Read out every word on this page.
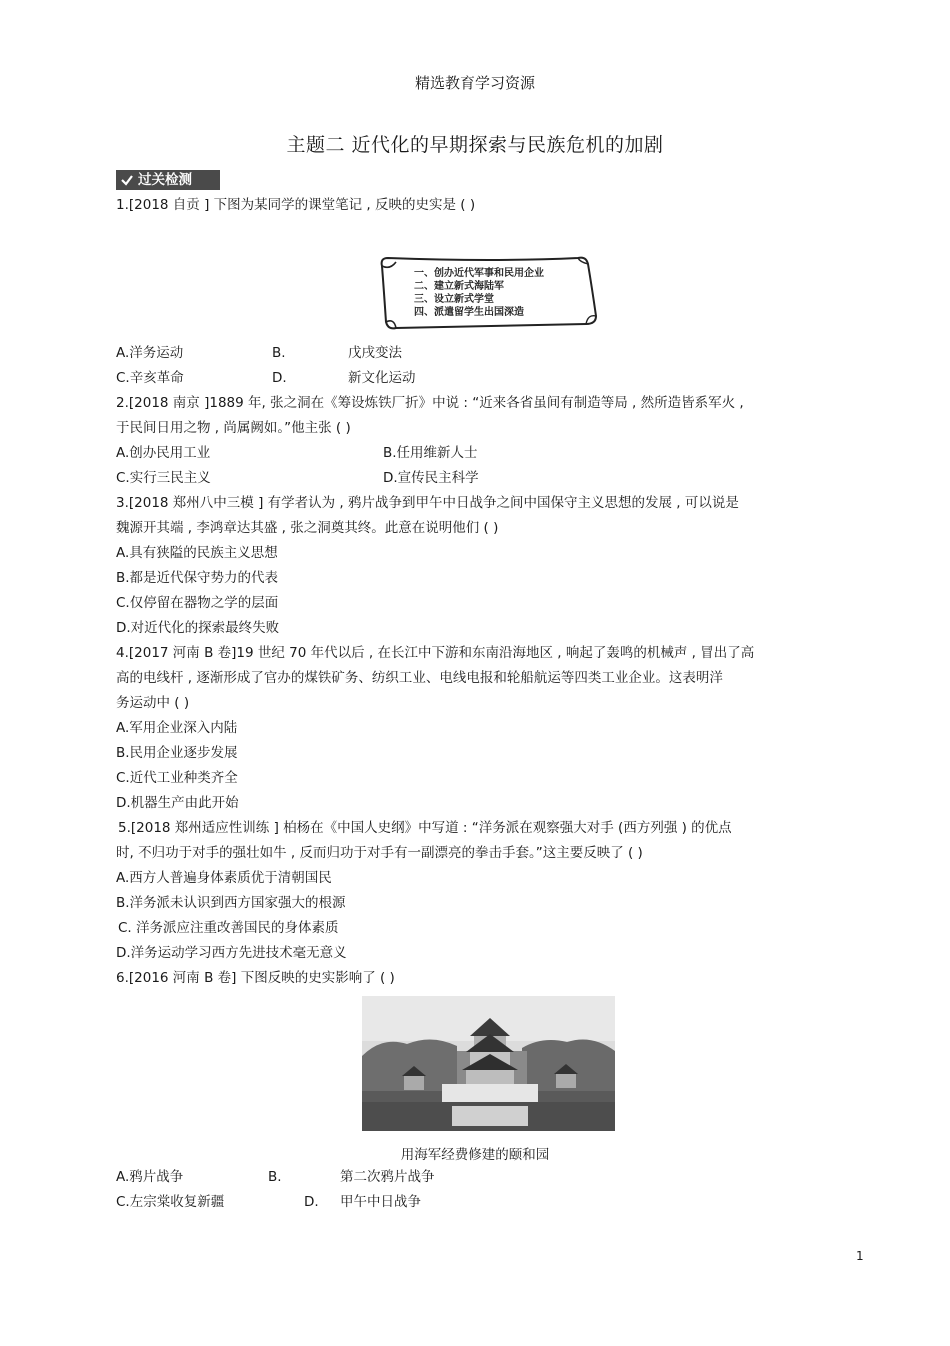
精选教育学习资源
主题二 近代化的早期探索与民族危机的加剧
过关检测
1.[2018 自贡 ] 下图为某同学的课堂笔记 , 反映的史实是 ( )
A.洋务运动	B.	戊戌变法
C.辛亥革命	D.	新文化运动
2.[2018 南京 ]1889 年, 张之洞在《筹设炼铁厂折》中说 : “近来各省虽间有制造等局 , 然所造皆系军火 ,
于民间日用之物 , 尚属阙如。”他主张 ( )
A.创办民用工业	B.任用维新人士
C.实行三民主义	D.宣传民主科学
3.[2018 郑州八中三模 ] 有学者认为 , 鸦片战争到甲午中日战争之间中国保守主义思想的发展 , 可以说是
魏源开其端 , 李鸿章达其盛 , 张之洞奠其终。此意在说明他们 ( )
A.具有狭隘的民族主义思想
B.都是近代保守势力的代表
C.仅停留在器物之学的层面
D.对近代化的探索最终失败
4.[2017 河南 B 卷]19 世纪 70 年代以后 , 在长江中下游和东南沿海地区 , 响起了轰鸣的机械声 , 冒出了高
高的电线杆 , 逐渐形成了官办的煤铁矿务、纺织工业、电线电报和轮船航运等四类工业企业。这表明洋
务运动中 ( )
A.军用企业深入内陆
B.民用企业逐步发展
C.近代工业种类齐全
D.机器生产由此开始
5.[2018 郑州适应性训练 ] 柏杨在《中国人史纲》中写道 : “洋务派在观察强大对手 (西方列强 ) 的优点
时, 不归功于对手的强壮如牛 , 反而归功于对手有一副漂亮的拳击手套。”这主要反映了 ( )
A.西方人普遍身体素质优于清朝国民
B.洋务派未认识到西方国家强大的根源
C. 洋务派应注重改善国民的身体素质
D.洋务运动学习西方先进技术毫无意义
6.[2016 河南 B 卷] 下图反映的史实影响了 ( )
A.鸦片战争	B.	第二次鸦片战争
C.左宗棠收复新疆	D. 甲午中日战争
一、创办近代军事和民用企业二、建立新式海陆军三、设立新式学堂四、派遣留学生出国深造
用海军经费修建的颐和园
1
